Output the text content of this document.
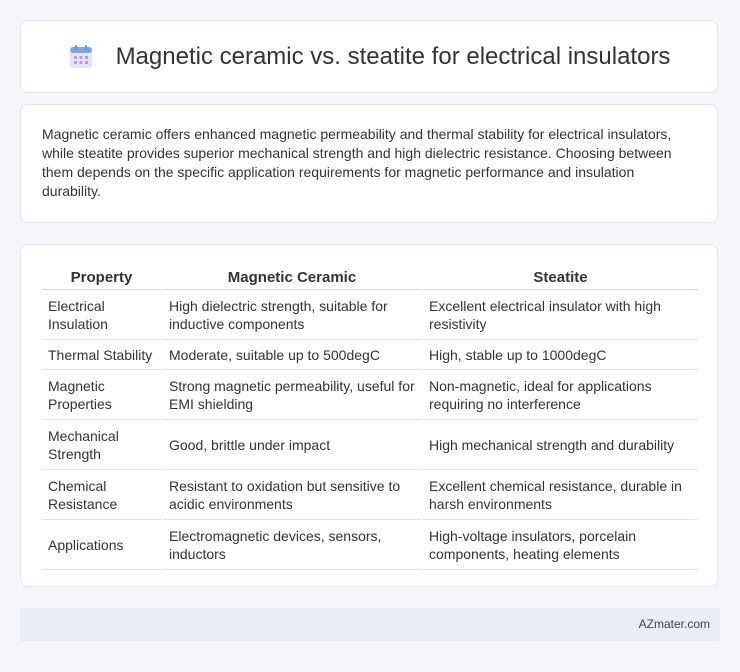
Magnetic ceramic vs. steatite for electrical insulators

Magnetic ceramic offers enhanced magnetic permeability and thermal stability for electrical insulators, while steatite provides superior mechanical strength and high dielectric resistance. Choosing between them depends on the specific application requirements for magnetic performance and insulation durability.

Property	Magnetic Ceramic	Steatite
Electrical Insulation	High dielectric strength, suitable for inductive components	Excellent electrical insulator with high resistivity
Thermal Stability	Moderate, suitable up to 500degC	High, stable up to 1000degC
Magnetic Properties	Strong magnetic permeability, useful for EMI shielding	Non-magnetic, ideal for applications requiring no interference
Mechanical Strength	Good, brittle under impact	High mechanical strength and durability
Chemical Resistance	Resistant to oxidation but sensitive to acidic environments	Excellent chemical resistance, durable in harsh environments
Applications	Electromagnetic devices, sensors, inductors	High-voltage insulators, porcelain components, heating elements
AZmater.com
